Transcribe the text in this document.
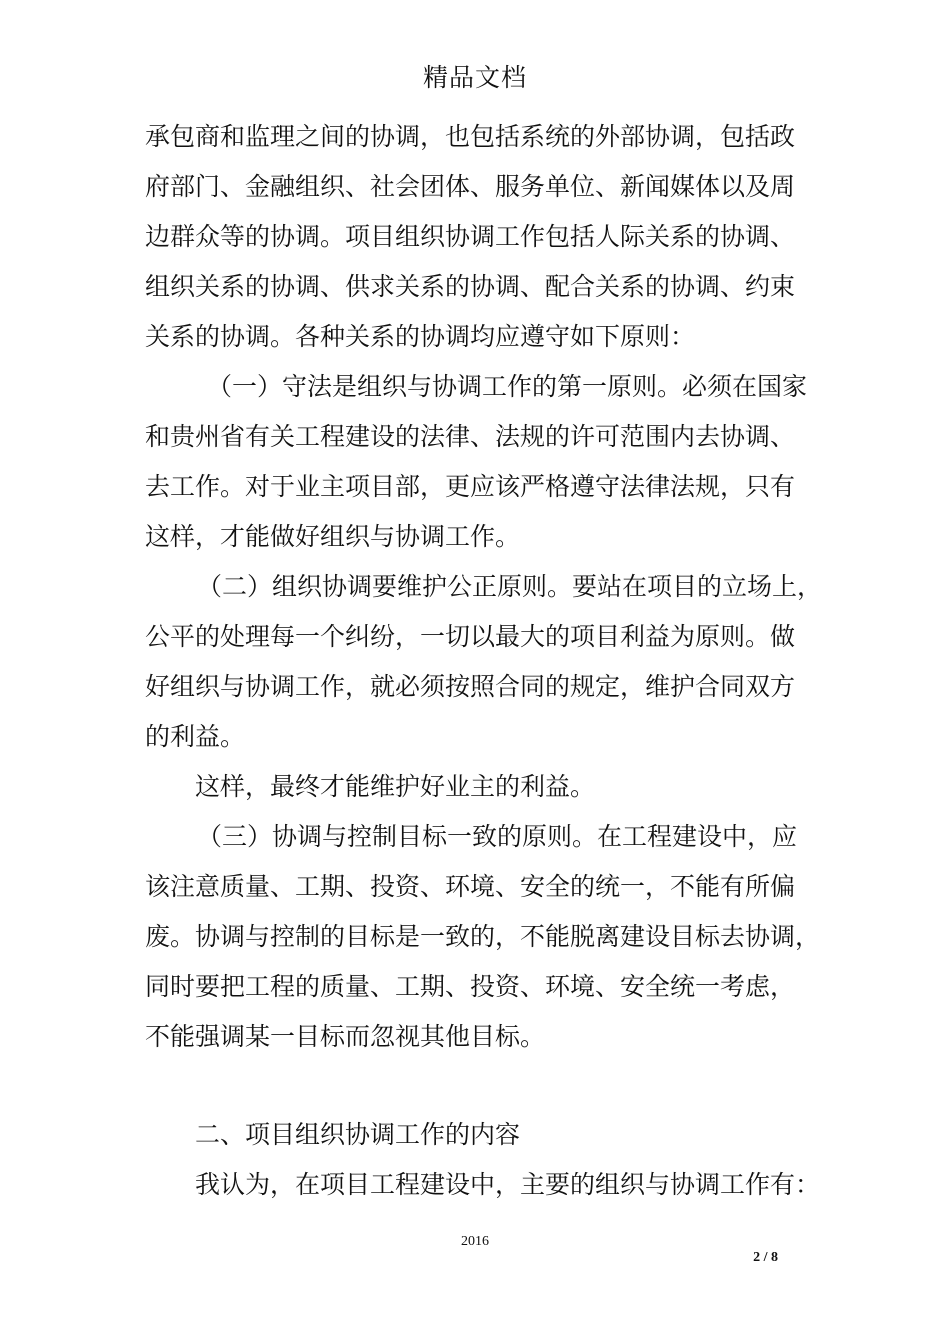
精品文档
承包商和监理之间的协调，也包括系统的外部协调，包括政
府部门、金融组织、社会团体、服务单位、新闻媒体以及周
边群众等的协调。项目组织协调工作包括人际关系的协调、
组织关系的协调、供求关系的协调、配合关系的协调、约束
关系的协调。各种关系的协调均应遵守如下原则：
（一）守法是组织与协调工作的第一原则。必须在国家
和贵州省有关工程建设的法律、法规的许可范围内去协调、
去工作。对于业主项目部，更应该严格遵守法律法规，只有
这样，才能做好组织与协调工作。
（二）组织协调要维护公正原则。要站在项目的立场上，
公平的处理每一个纠纷，一切以最大的项目利益为原则。做
好组织与协调工作，就必须按照合同的规定，维护合同双方
的利益。
这样，最终才能维护好业主的利益。
（三）协调与控制目标一致的原则。在工程建设中，应
该注意质量、工期、投资、环境、安全的统一，不能有所偏
废。协调与控制的目标是一致的，不能脱离建设目标去协调，
同时要把工程的质量、工期、投资、环境、安全统一考虑，
不能强调某一目标而忽视其他目标。
二、项目组织协调工作的内容
我认为，在项目工程建设中，主要的组织与协调工作有：
2016
2 / 8
